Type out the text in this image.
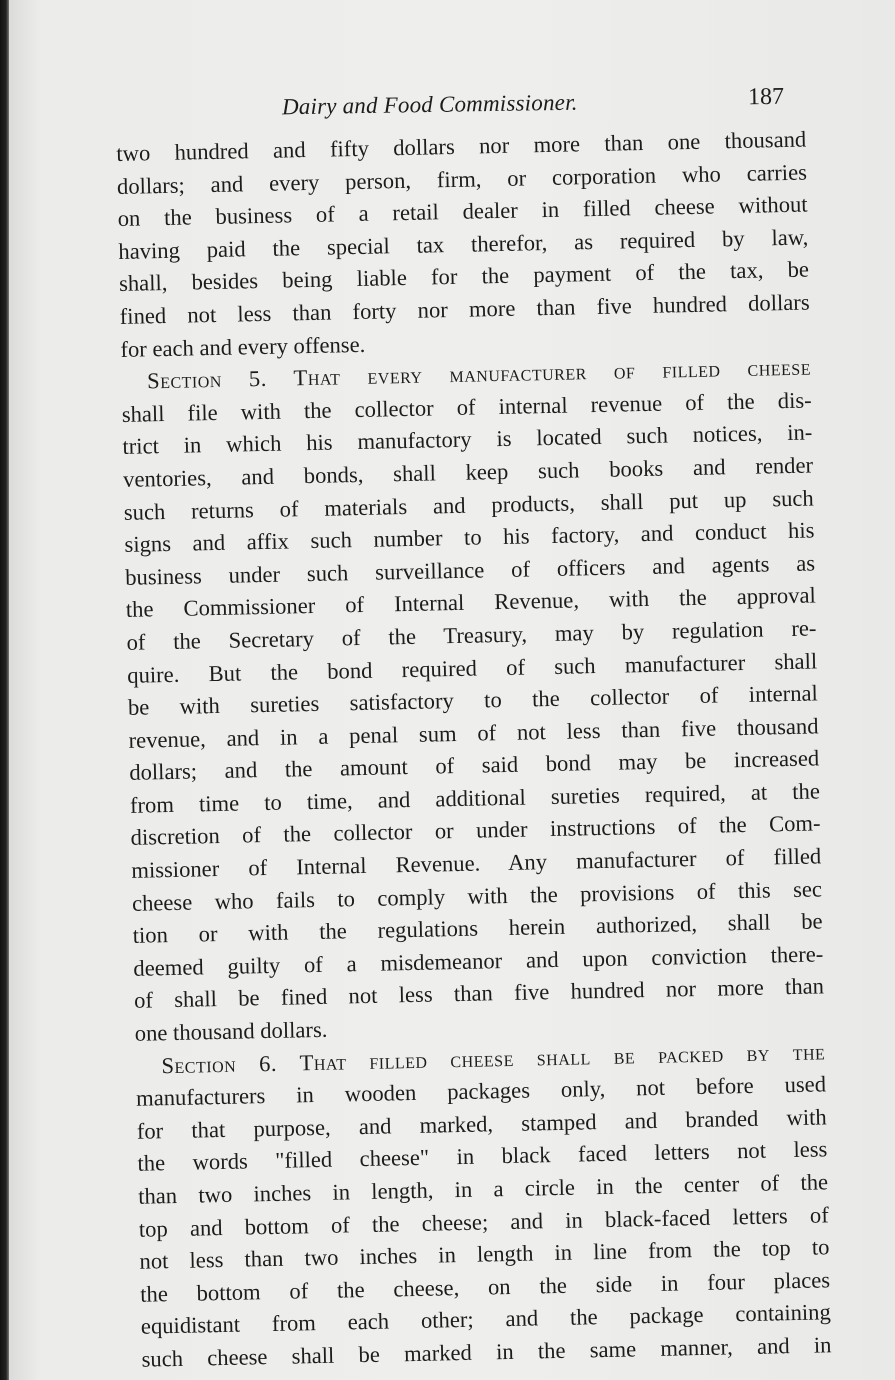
Dairy and Food Commissioner.	187
two hundred and fifty dollars nor more than one thousand
dollars; and every person, firm, or corporation who carries
on the business of a retail dealer in filled cheese without
having paid the special tax therefor, as required by law,
shall, besides being liable for the payment of the tax, be
fined not less than forty nor more than five hundred dollars
for each and every offense.
Section 5. That every manufacturer of filled cheese
shall file with the collector of internal revenue of the dis-
trict in which his manufactory is located such notices, in-
ventories, and bonds, shall keep such books and render
such returns of materials and products, shall put up such
signs and affix such number to his factory, and conduct his
business under such surveillance of officers and agents as
the Commissioner of Internal Revenue, with the approval
of the Secretary of the Treasury, may by regulation re-
quire. But the bond required of such manufacturer shall
be with sureties satisfactory to the collector of internal
revenue, and in a penal sum of not less than five thousand
dollars; and the amount of said bond may be increased
from time to time, and additional sureties required, at the
discretion of the collector or under instructions of the Com-
missioner of Internal Revenue. Any manufacturer of filled
cheese who fails to comply with the provisions of this sec
tion or with the regulations herein authorized, shall be
deemed guilty of a misdemeanor and upon conviction there-
of shall be fined not less than five hundred nor more than
one thousand dollars.
Section 6. That filled cheese shall be packed by the
manufacturers in wooden packages only, not before used
for that purpose, and marked, stamped and branded with
the words "filled cheese" in black faced letters not less
than two inches in length, in a circle in the center of the
top and bottom of the cheese; and in black-faced letters of
not less than two inches in length in line from the top to
the bottom of the cheese, on the side in four places
equidistant from each other; and the package containing
such cheese shall be marked in the same manner, and in
